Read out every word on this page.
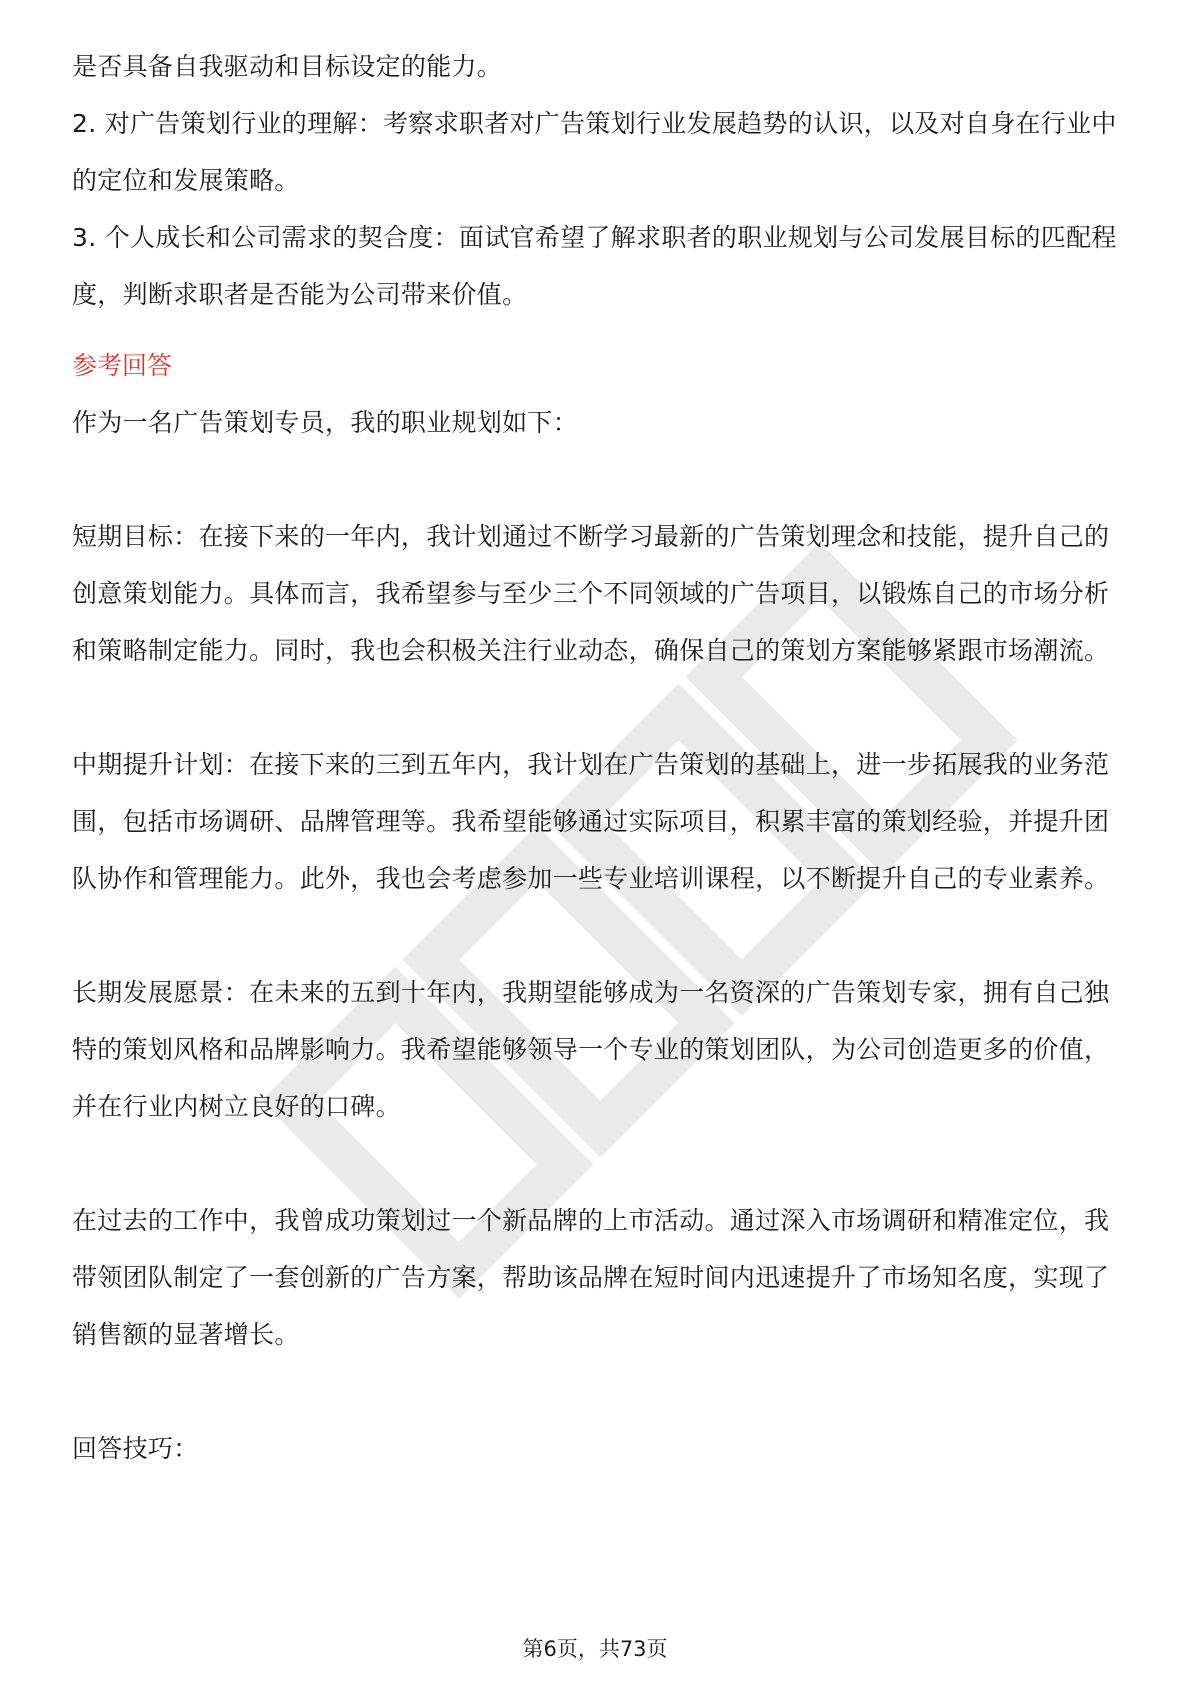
是否具备自我驱动和目标设定的能力。

2. 对广告策划行业的理解：考察求职者对广告策划行业发展趋势的认识，以及对自身在行业中的定位和发展策略。

3. 个人成长和公司需求的契合度：面试官希望了解求职者的职业规划与公司发展目标的匹配程度，判断求职者是否能为公司带来价值。

参考回答

作为一名广告策划专员，我的职业规划如下：

短期目标：在接下来的一年内，我计划通过不断学习最新的广告策划理念和技能，提升自己的创意策划能力。具体而言，我希望参与至少三个不同领域的广告项目，以锻炼自己的市场分析和策略制定能力。同时，我也会积极关注行业动态，确保自己的策划方案能够紧跟市场潮流。

中期提升计划：在接下来的三到五年内，我计划在广告策划的基础上，进一步拓展我的业务范围，包括市场调研、品牌管理等。我希望能够通过实际项目，积累丰富的策划经验，并提升团队协作和管理能力。此外，我也会考虑参加一些专业培训课程，以不断提升自己的专业素养。

长期发展愿景：在未来的五到十年内，我期望能够成为一名资深的广告策划专家，拥有自己独特的策划风格和品牌影响力。我希望能够领导一个专业的策划团队，为公司创造更多的价值，并在行业内树立良好的口碑。

在过去的工作中，我曾成功策划过一个新品牌的上市活动。通过深入市场调研和精准定位，我带领团队制定了一套创新的广告方案，帮助该品牌在短时间内迅速提升了市场知名度，实现了销售额的显著增长。

回答技巧：

第6页，共73页
